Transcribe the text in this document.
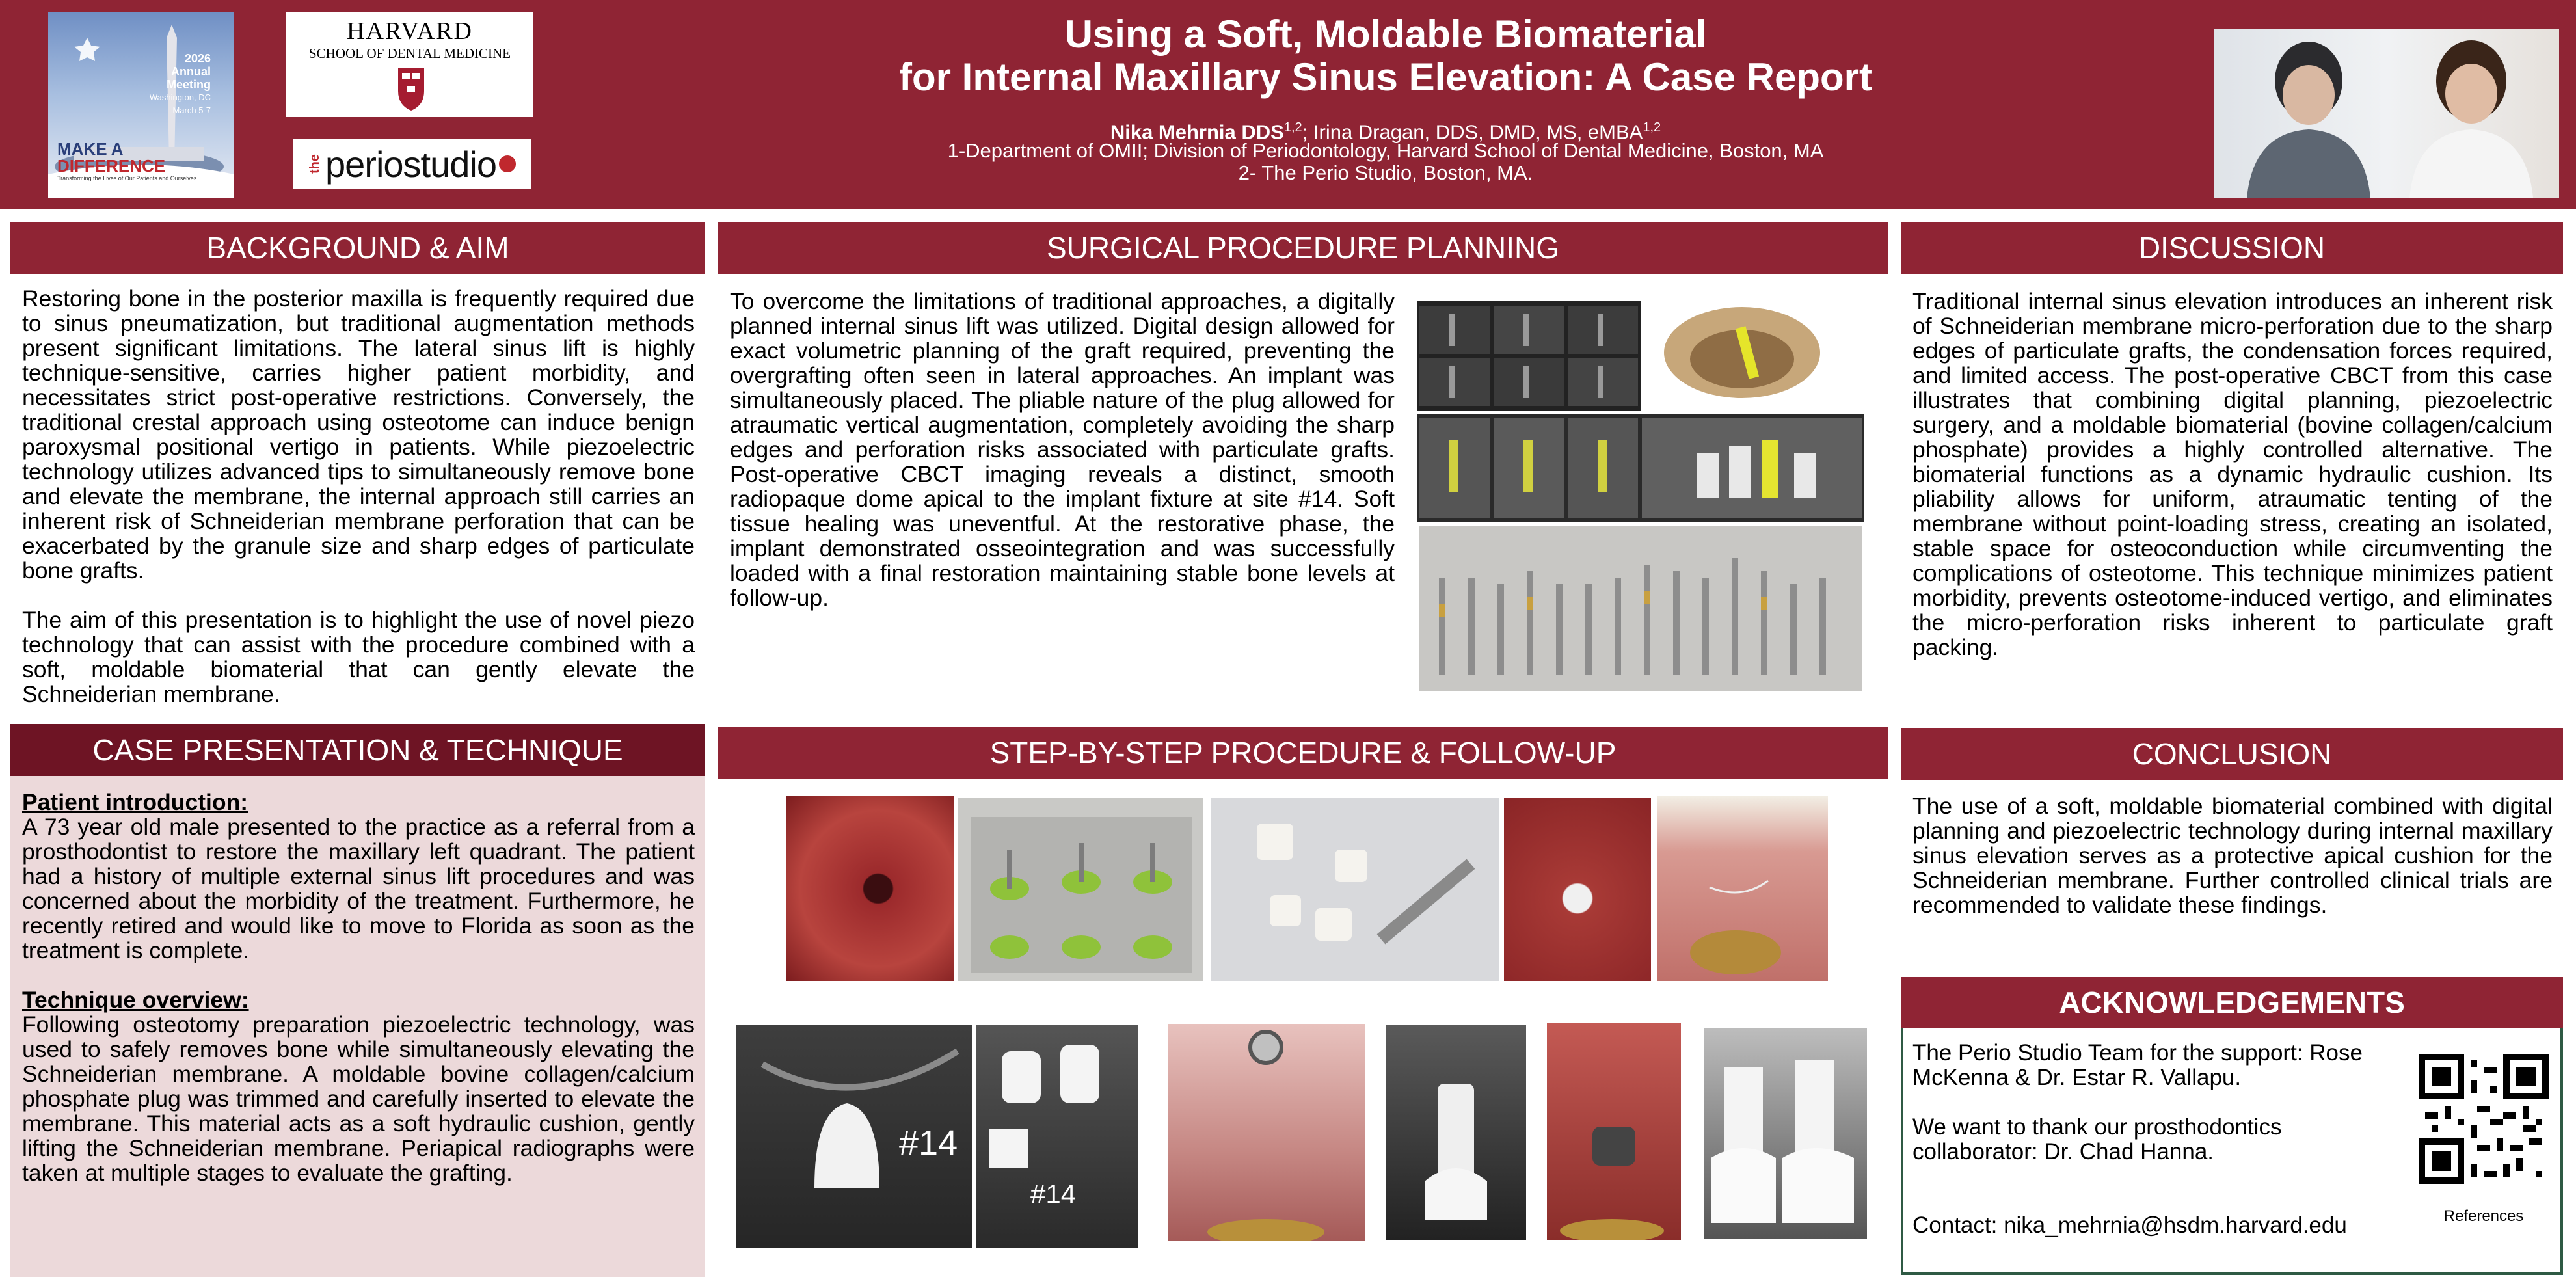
2026
Annual Meeting
Washington, DC
March 5-7
MAKE A
DIFFERENCE
Transforming the Lives of Our Patients and Ourselves
HARVARD
SCHOOL OF DENTAL MEDICINE
the periostudio
Using a Soft, Moldable Biomaterial
for Internal Maxillary Sinus Elevation: A Case Report
Nika Mehrnia DDS$^{1,2}$; Irina Dragan, DDS, DMD, MS, eMBA$^{1,2}$
1-Department of OMII; Division of Periodontology, Harvard School of Dental Medicine, Boston, MA
2- The Perio Studio, Boston, MA.
BACKGROUND & AIM

Restoring bone in the posterior maxilla is frequently required due to sinus pneumatization, but traditional augmentation methods present significant limitations. The lateral sinus lift is highly technique-sensitive, carries higher patient morbidity, and necessitates strict post-operative restrictions. Conversely, the traditional crestal approach using osteotome can induce benign paroxysmal positional vertigo in patients. While piezoelectric technology utilizes advanced tips to simultaneously remove bone and elevate the membrane, the internal approach still carries an inherent risk of Schneiderian membrane perforation that can be exacerbated by the granule size and sharp edges of particulate bone grafts.

The aim of this presentation is to highlight the use of novel piezo technology that can assist with the procedure combined with a soft, moldable biomaterial that can gently elevate the Schneiderian membrane.

CASE PRESENTATION & TECHNIQUE

Patient introduction:

A 73 year old male presented to the practice as a referral from a prosthodontist to restore the maxillary left quadrant. The patient had a history of multiple external sinus lift procedures and was concerned about the morbidity of the treatment. Furthermore, he recently retired and would like to move to Florida as soon as the treatment is complete.

Technique overview:

Following osteotomy preparation piezoelectric technology, was used to safely removes bone while simultaneously elevating the Schneiderian membrane. A moldable bovine collagen/calcium phosphate plug was trimmed and carefully inserted to elevate the membrane. This material acts as a soft hydraulic cushion, gently lifting the Schneiderian membrane. Periapical radiographs were taken at multiple stages to evaluate the grafting.

SURGICAL PROCEDURE PLANNING
To overcome the limitations of traditional approaches, a digitally planned internal sinus lift was utilized. Digital design allowed for exact volumetric planning of the graft required, preventing the overgrafting often seen in lateral approaches. An implant was simultaneously placed. The pliable nature of the plug allowed for atraumatic vertical augmentation, completely avoiding the sharp edges and perforation risks associated with particulate grafts. Post-operative CBCT imaging reveals a distinct, smooth radiopaque dome apical to the implant fixture at site #14. Soft tissue healing was uneventful. At the restorative phase, the implant demonstrated osseointegration and was successfully loaded with a final restoration maintaining stable bone levels at follow-up.
STEP-BY-STEP PROCEDURE & FOLLOW-UP
#14
#14
DISCUSSION
Traditional internal sinus elevation introduces an inherent risk of Schneiderian membrane micro-perforation due to the sharp edges of particulate grafts, the condensation forces required, and limited access. The post-operative CBCT from this case illustrates that combining digital planning, piezoelectric surgery, and a moldable biomaterial (bovine collagen/calcium phosphate) provides a highly controlled alternative. The biomaterial functions as a dynamic hydraulic cushion. Its pliability allows for uniform, atraumatic tenting of the membrane without point-loading stress, creating an isolated, stable space for osteoconduction while circumventing the complications of osteotome. This technique minimizes patient morbidity, prevents osteotome-induced vertigo, and eliminates the micro-perforation risks inherent to particulate graft packing.
CONCLUSION
The use of a soft, moldable biomaterial combined with digital planning and piezoelectric technology during internal maxillary sinus elevation serves as a protective apical cushion for the Schneiderian membrane. Further controlled clinical trials are recommended to validate these findings.
ACKNOWLEDGEMENTS

The Perio Studio Team for the support: Rose McKenna & Dr. Estar R. Vallapu.

We want to thank our prosthodontics collaborator: Dr. Chad Hanna.

Contact: nika_mehrnia@hsdm.harvard.edu	References
